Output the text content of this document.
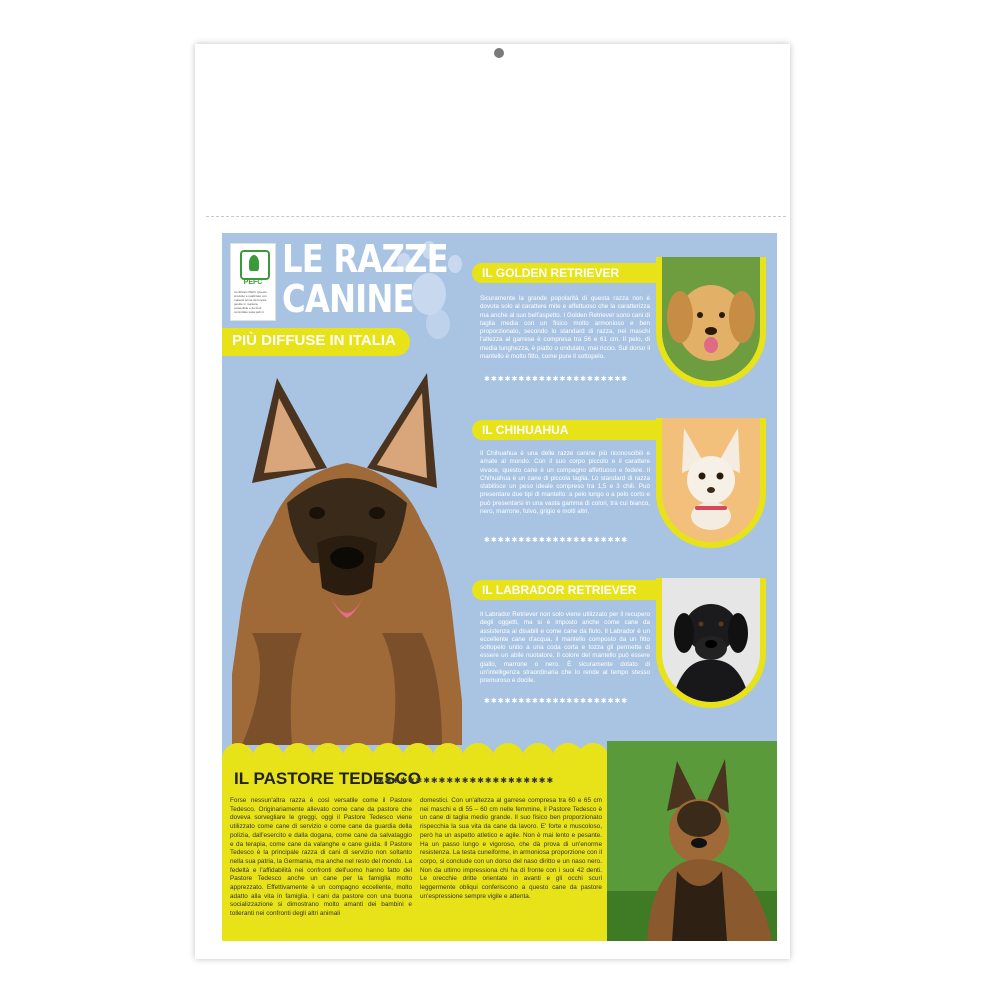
PEFC
Certificato PEFC Questo prodotto è realizzato con materia prima da foreste gestite in maniera sostenibile e da fonti controllate www.pefc.it
LE RAZZE
CANINE
PIÙ DIFFUSE IN ITALIA
IL GOLDEN RETRIEVER
Sicuramente la grande popolarità di questa razza non è dovuta solo al carattere mite e affettuoso che la caratterizza ma anche al suo bell'aspetto. I Golden Retriever sono cani di taglia media con un fisico molto armonioso e ben proporzionato, secondo lo standard di razza, nei maschi l'altezza al garrese è compresa tra 56 e 61 cm. Il pelo, di media lunghezza, è piatto o ondulato, mai riccio. Sul dorso il mantello è molto fitto, come pure il sottopelo.
✱✱✱✱✱✱✱✱✱✱✱✱✱✱✱✱✱✱✱✱✱
IL CHIHUAHUA
Il Chihuahua è una delle razze canine più riconoscibili e amate al mondo. Con il suo corpo piccolo e il carattere vivace, questo cane è un compagno affettuoso e fedele. Il Chihuahua è un cane di piccola taglia. Lo standard di razza stabilisce un peso ideale compreso tra 1,5 e 3 chili. Può presentare due tipi di mantello: a pelo lungo o a pelo corto e può presentarsi in una vasta gamma di colori, tra cui bianco, nero, marrone, fulvo, grigio e molti altri.
✱✱✱✱✱✱✱✱✱✱✱✱✱✱✱✱✱✱✱✱✱
IL LABRADOR RETRIEVER
Il Labrador Retriever non solo viene utilizzato per il recupero degli oggetti, ma si è imposto anche come cane da assistenza ai disabili e come cane da fiuto. Il Labrador è un eccellente cane d'acqua, il mantello composto da un fitto sottopelo unito a una coda corta e tozza gli permette di essere un abile nuotatore. Il colore del mantello può essere giallo, marrone o nero. È sicuramente dotato di un'intelligenza straordinaria che lo rende al tempo stesso premuroso e docile.
✱✱✱✱✱✱✱✱✱✱✱✱✱✱✱✱✱✱✱✱✱
IL PASTORE TEDESCO
✱✱✱✱✱✱✱✱✱✱✱✱✱✱✱✱✱✱✱✱✱✱✱
Forse nessun'altra razza è così versatile come il Pastore Tedesco. Originariamente allevato come cane da pastore che doveva sorvegliare le greggi, oggi il Pastore Tedesco viene utilizzato come cane di servizio e come cane da guardia della polizia, dall'esercito e dalla dogana, come cane da salvataggio e da terapia, come cane da valanghe e cane guida. Il Pastore Tedesco è la principale razza di cani di servizio non soltanto nella sua patria, la Germania, ma anche nel resto del mondo. La fedeltà e l'affidabilità nei confronti dell'uomo hanno fatto del Pastore Tedesco anche un cane per la famiglia molto apprezzato. Effettivamente è un compagno eccellente, molto adatto alla vita in famiglia. I cani da pastore con una buona socializzazione si dimostrano molto amanti dei bambini e tolleranti nei confronti degli altri animali
domestici. Con un'altezza al garrese compresa tra 60 e 65 cm nei maschi e di 55 – 60 cm nelle femmine, il Pastore Tedesco è un cane di taglia medio grande. Il suo fisico ben proporzionato rispecchia la sua vita da cane da lavoro. E' forte e muscoloso, però ha un aspetto atletico e agile. Non è mai lento e pesante. Ha un passo lungo e vigoroso, che dà prova di un'enorme resistenza. La testa cuneiforme, in armoniosa proporzione con il corpo, si conclude con un dorso del naso diritto e un naso nero. Non da ultimo impressiona chi ha di fronte con i suoi 42 denti. Le orecchie dritte orientate in avanti e gli occhi scuri leggermente obliqui conferiscono a questo cane da pastore un'espressione sempre vigile e attenta.
